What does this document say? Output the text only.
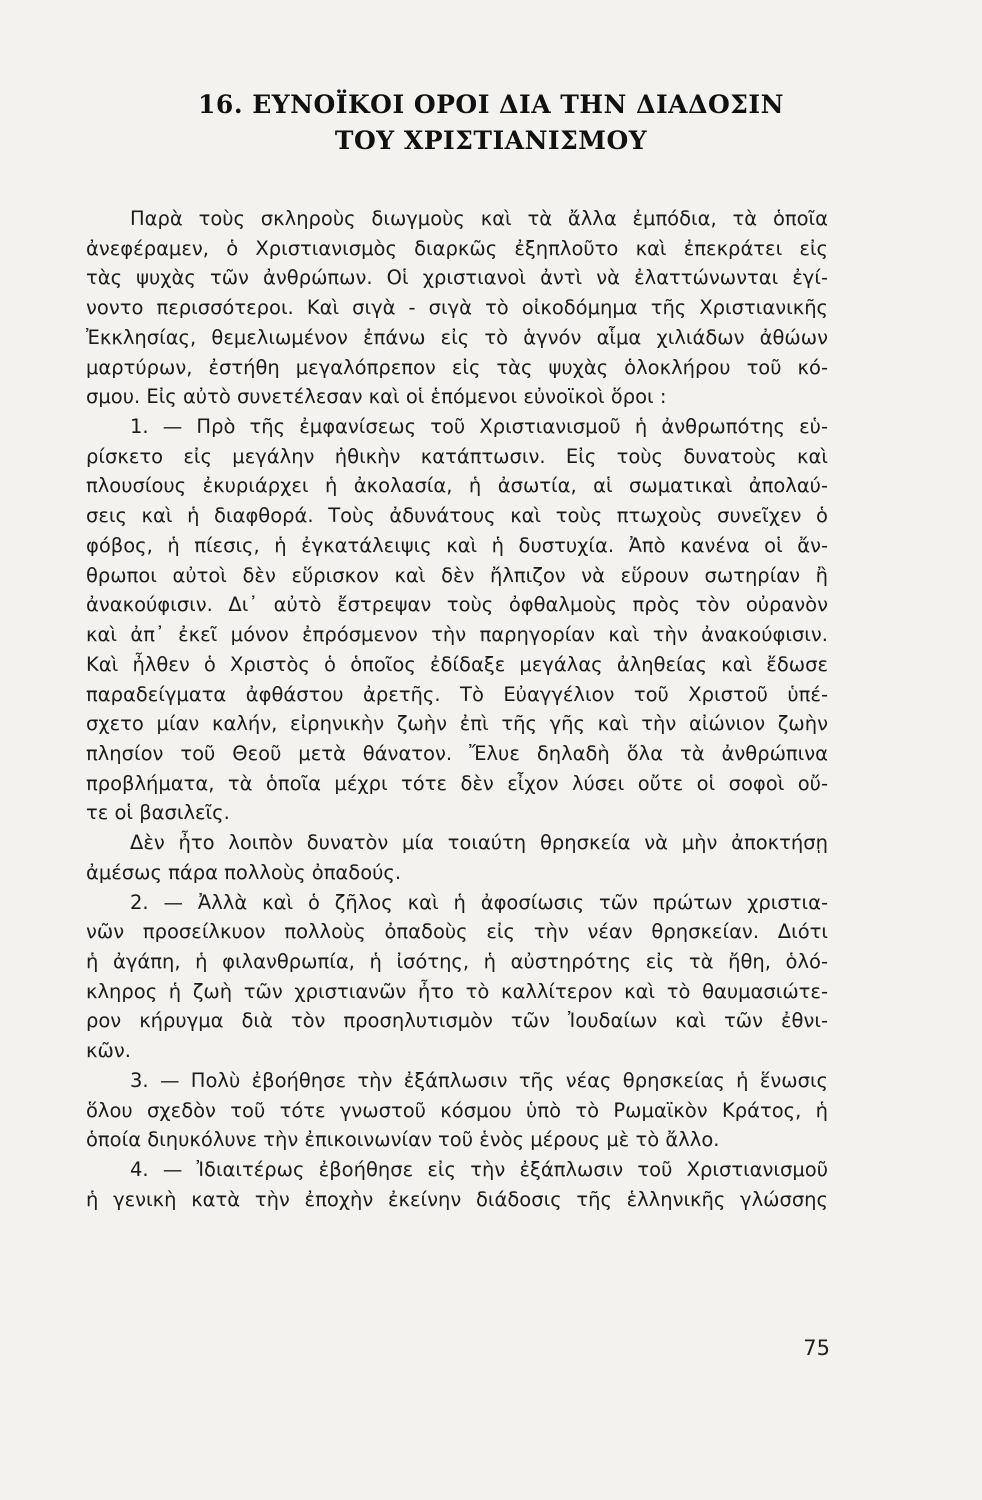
16. ΕΥΝΟΪΚΟΙ ΟΡΟΙ ΔΙΑ ΤΗΝ ΔΙΑΔΟΣΙΝ
ΤΟΥ ΧΡΙΣΤΙΑΝΙΣΜΟΥ
Παρὰ τοὺς σκληροὺς διωγμοὺς καὶ τὰ ἄλλα ἐμπόδια, τὰ ὁποῖα
ἀνεφέραμεν, ὁ Χριστιανισμὸς διαρκῶς ἐξηπλοῦτο καὶ ἐπεκράτει εἰς
τὰς ψυχὰς τῶν ἀνθρώπων. Οἱ χριστιανοὶ ἀντὶ νὰ ἐλαττώνωνται ἐγί-
νοντο περισσότεροι. Καὶ σιγὰ - σιγὰ τὸ οἰκοδόμημα τῆς Χριστιανικῆς
Ἐκκλησίας, θεμελιωμένον ἐπάνω εἰς τὸ ἁγνόν αἷμα χιλιάδων ἀθώων
μαρτύρων, ἐστήθη μεγαλόπρεπον εἰς τὰς ψυχὰς ὁλοκλήρου τοῦ κό-
σμου. Εἰς αὐτὸ συνετέλεσαν καὶ οἱ ἑπόμενοι εὐνοϊκοὶ ὅροι :
1. — Πρὸ τῆς ἐμφανίσεως τοῦ Χριστιανισμοῦ ἡ ἀνθρωπότης εὑ-
ρίσκετο εἰς μεγάλην ἠθικὴν κατάπτωσιν. Εἰς τοὺς δυνατοὺς καὶ
πλουσίους ἐκυριάρχει ἡ ἀκολασία, ἡ ἀσωτία, αἱ σωματικαὶ ἀπολαύ-
σεις καὶ ἡ διαφθορά. Τοὺς ἀδυνάτους καὶ τοὺς πτωχοὺς συνεῖχεν ὁ
φόβος, ἡ πίεσις, ἡ ἐγκατάλειψις καὶ ἡ δυστυχία. Ἀπὸ κανένα οἱ ἄν-
θρωποι αὐτοὶ δὲν εὕρισκον καὶ δὲν ἤλπιζον νὰ εὕρουν σωτηρίαν ἢ
ἀνακούφισιν. Δι᾽ αὐτὸ ἔστρεψαν τοὺς ὀφθαλμοὺς πρὸς τὸν οὐρανὸν
καὶ ἀπ᾽ ἐκεῖ μόνον ἐπρόσμενον τὴν παρηγορίαν καὶ τὴν ἀνακούφισιν.
Καὶ ἦλθεν ὁ Χριστὸς ὁ ὁποῖος ἐδίδαξε μεγάλας ἀληθείας καὶ ἔδωσε
παραδείγματα ἀφθάστου ἀρετῆς. Τὸ Εὐαγγέλιον τοῦ Χριστοῦ ὑπέ-
σχετο μίαν καλήν, εἰρηνικὴν ζωὴν ἐπὶ τῆς γῆς καὶ τὴν αἰώνιον ζωὴν
πλησίον τοῦ Θεοῦ μετὰ θάνατον. Ἔλυε δηλαδὴ ὅλα τὰ ἀνθρώπινα
προβλήματα, τὰ ὁποῖα μέχρι τότε δὲν εἶχον λύσει οὔτε οἱ σοφοὶ οὔ-
τε οἱ βασιλεῖς.
Δὲν ἦτο λοιπὸν δυνατὸν μία τοιαύτη θρησκεία νὰ μὴν ἀποκτήσῃ
ἀμέσως πάρα πολλοὺς ὀπαδούς.
2. — Ἀλλὰ καὶ ὁ ζῆλος καὶ ἡ ἀφοσίωσις τῶν πρώτων χριστια-
νῶν προσείλκυον πολλοὺς ὀπαδοὺς εἰς τὴν νέαν θρησκείαν. Διότι
ἡ ἀγάπη, ἡ φιλανθρωπία, ἡ ἰσότης, ἡ αὐστηρότης εἰς τὰ ἤθη, ὁλό-
κληρος ἡ ζωὴ τῶν χριστιανῶν ἦτο τὸ καλλίτερον καὶ τὸ θαυμασιώτε-
ρον κήρυγμα διὰ τὸν προσηλυτισμὸν τῶν Ἰουδαίων καὶ τῶν ἐθνι-
κῶν.
3. — Πολὺ ἐβοήθησε τὴν ἐξάπλωσιν τῆς νέας θρησκείας ἡ ἕνωσις
ὅλου σχεδὸν τοῦ τότε γνωστοῦ κόσμου ὑπὸ τὸ Ρωμαϊκὸν Κράτος, ἡ
ὁποία διηυκόλυνε τὴν ἐπικοινωνίαν τοῦ ἑνὸς μέρους μὲ τὸ ἄλλο.
4. — Ἰδιαιτέρως ἐβοήθησε εἰς τὴν ἐξάπλωσιν τοῦ Χριστιανισμοῦ
ἡ γενικὴ κατὰ τὴν ἐποχὴν ἐκείνην διάδοσις τῆς ἑλληνικῆς γλώσσης
75
